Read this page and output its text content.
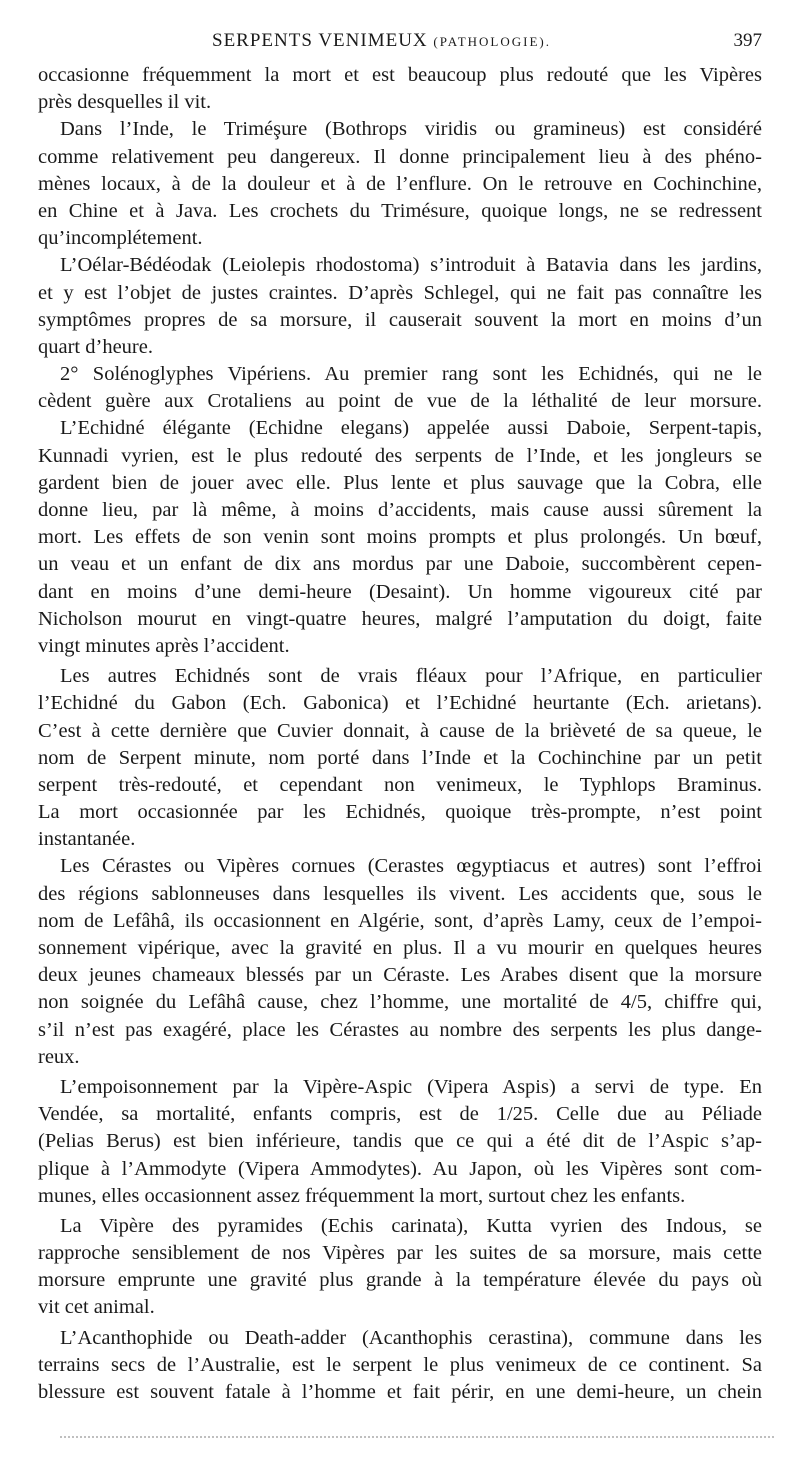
SERPENTS VENIMEUX (PATHOLOGIE).	397
occasionne fréquemment la mort et est beaucoup plus redouté que les Vipères
près desquelles il vit.
Dans l’Inde, le Triméşure (Bothrops viridis ou gramineus) est considéré
comme relativement peu dangereux. Il donne principalement lieu à des phéno-
mènes locaux, à de la douleur et à de l’enflure. On le retrouve en Cochinchine,
en Chine et à Java. Les crochets du Trimésure, quoique longs, ne se redressent
qu’incomplétement.
L’Oélar-Bédéodak (Leiolepis rhodostoma) s’introduit à Batavia dans les jardins,
et y est l’objet de justes craintes. D’après Schlegel, qui ne fait pas connaître les
symptômes propres de sa morsure, il causerait souvent la mort en moins d’un
quart d’heure.
2° Solénoglyphes Vipériens. Au premier rang sont les Echidnés, qui ne le
cèdent guère aux Crotaliens au point de vue de la léthalité de leur morsure.
L’Echidné élégante (Echidne elegans) appelée aussi Daboie, Serpent-tapis,
Kunnadi vyrien, est le plus redouté des serpents de l’Inde, et les jongleurs se
gardent bien de jouer avec elle. Plus lente et plus sauvage que la Cobra, elle
donne lieu, par là même, à moins d’accidents, mais cause aussi sûrement la
mort. Les effets de son venin sont moins prompts et plus prolongés. Un bœuf,
un veau et un enfant de dix ans mordus par une Daboie, succombèrent cepen-
dant en moins d’une demi-heure (Desaint). Un homme vigoureux cité par
Nicholson mourut en vingt-quatre heures, malgré l’amputation du doigt, faite
vingt minutes après l’accident.
Les autres Echidnés sont de vrais fléaux pour l’Afrique, en particulier
l’Echidné du Gabon (Ech. Gabonica) et l’Echidné heurtante (Ech. arietans).
C’est à cette dernière que Cuvier donnait, à cause de la brièveté de sa queue, le
nom de Serpent minute, nom porté dans l’Inde et la Cochinchine par un petit
serpent très-redouté, et cependant non venimeux, le Typhlops Braminus.
La mort occasionnée par les Echidnés, quoique très-prompte, n’est point
instantanée.
Les Cérastes ou Vipères cornues (Cerastes œgyptiacus et autres) sont l’effroi
des régions sablonneuses dans lesquelles ils vivent. Les accidents que, sous le
nom de Lefâhâ, ils occasionnent en Algérie, sont, d’après Lamy, ceux de l’empoi-
sonnement vipérique, avec la gravité en plus. Il a vu mourir en quelques heures
deux jeunes chameaux blessés par un Céraste. Les Arabes disent que la morsure
non soignée du Lefâhâ cause, chez l’homme, une mortalité de 4/5, chiffre qui,
s’il n’est pas exagéré, place les Cérastes au nombre des serpents les plus dange-
reux.
L’empoisonnement par la Vipère-Aspic (Vipera Aspis) a servi de type. En
Vendée, sa mortalité, enfants compris, est de 1/25. Celle due au Péliade
(Pelias Berus) est bien inférieure, tandis que ce qui a été dit de l’Aspic s’ap-
plique à l’Ammodyte (Vipera Ammodytes). Au Japon, où les Vipères sont com-
munes, elles occasionnent assez fréquemment la mort, surtout chez les enfants.
La Vipère des pyramides (Echis carinata), Kutta vyrien des Indous, se
rapproche sensiblement de nos Vipères par les suites de sa morsure, mais cette
morsure emprunte une gravité plus grande à la température élevée du pays où
vit cet animal.
L’Acanthophide ou Death-adder (Acanthophis cerastina), commune dans les
terrains secs de l’Australie, est le serpent le plus venimeux de ce continent. Sa
blessure est souvent fatale à l’homme et fait périr, en une demi-heure, un chein
